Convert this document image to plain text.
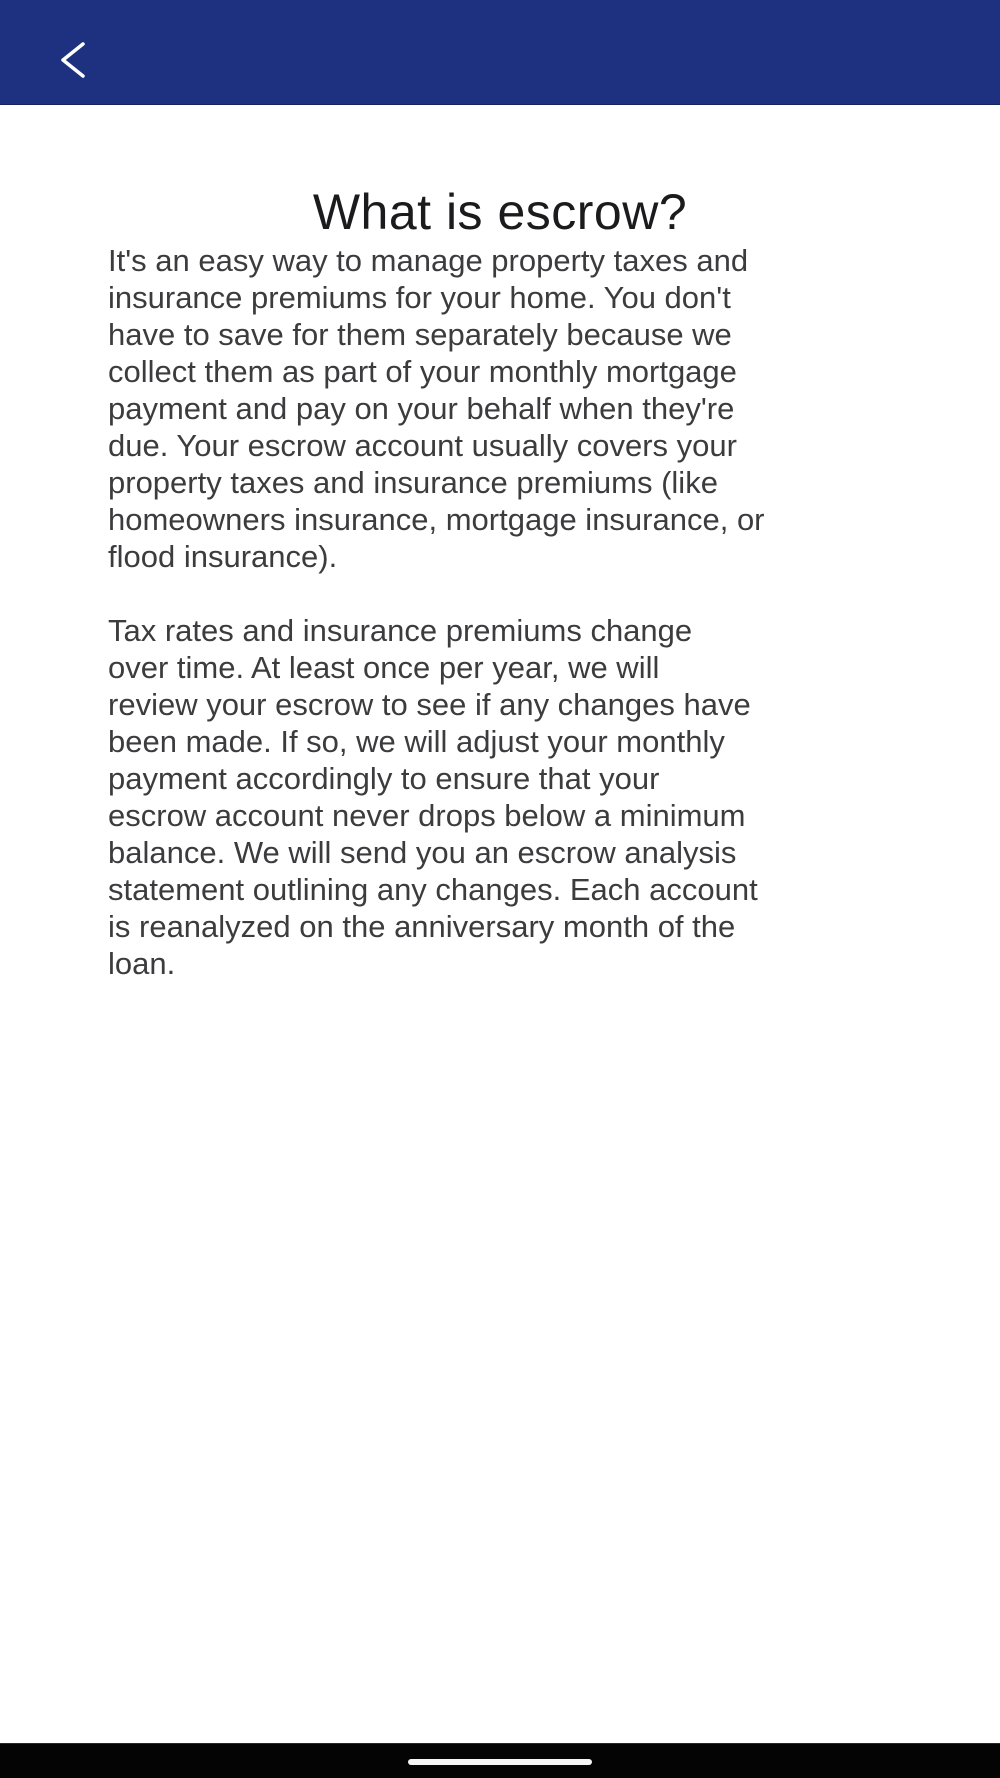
What is escrow?
It's an easy way to manage property taxes and
insurance premiums for your home. You don't
have to save for them separately because we
collect them as part of your monthly mortgage
payment and pay on your behalf when they're
due. Your escrow account usually covers your
property taxes and insurance premiums (like
homeowners insurance, mortgage insurance, or
flood insurance).
Tax rates and insurance premiums change
over time. At least once per year, we will
review your escrow to see if any changes have
been made. If so, we will adjust your monthly
payment accordingly to ensure that your
escrow account never drops below a minimum
balance. We will send you an escrow analysis
statement outlining any changes. Each account
is reanalyzed on the anniversary month of the
loan.
